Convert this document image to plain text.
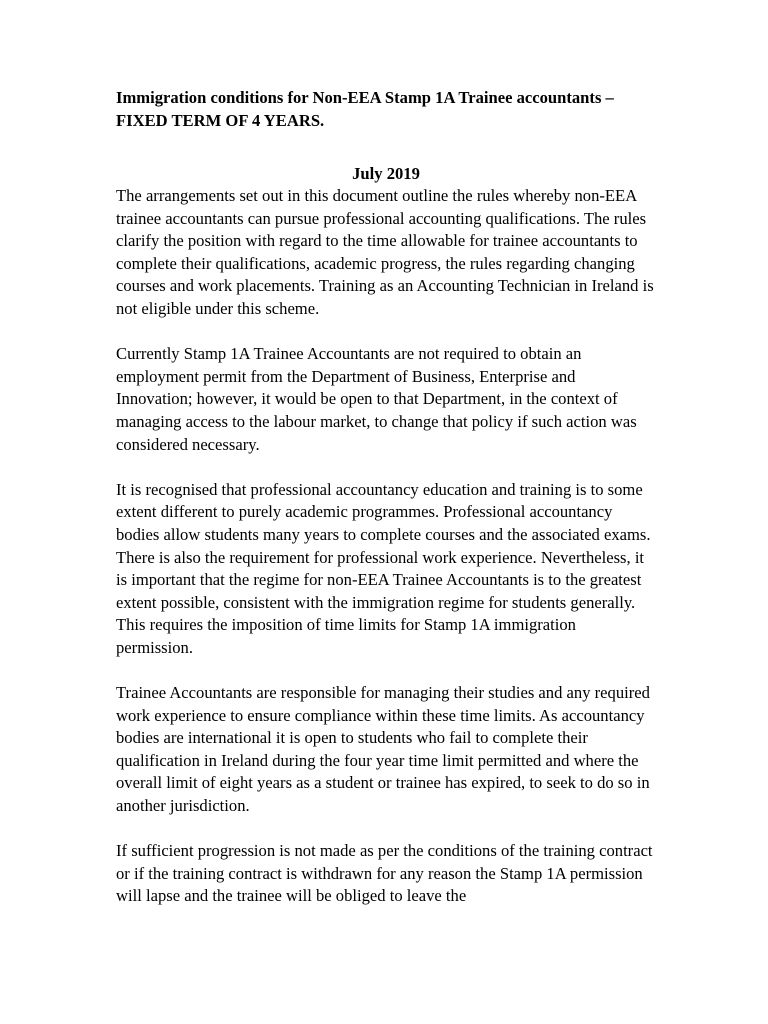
Immigration conditions for Non-EEA Stamp 1A Trainee accountants – FIXED TERM OF 4 YEARS.

July 2019

The arrangements set out in this document outline the rules whereby non-EEA trainee accountants can pursue professional accounting qualifications. The rules clarify the position with regard to the time allowable for trainee accountants to complete their qualifications, academic progress, the rules regarding changing courses and work placements. Training as an Accounting Technician in Ireland is not eligible under this scheme.

Currently Stamp 1A Trainee Accountants are not required to obtain an employment permit from the Department of Business, Enterprise and Innovation; however, it would be open to that Department, in the context of managing access to the labour market, to change that policy if such action was considered necessary.

It is recognised that professional accountancy education and training is to some extent different to purely academic programmes. Professional accountancy bodies allow students many years to complete courses and the associated exams. There is also the requirement for professional work experience. Nevertheless, it is important that the regime for non-EEA Trainee Accountants is to the greatest extent possible, consistent with the immigration regime for students generally. This requires the imposition of time limits for Stamp 1A immigration permission.

Trainee Accountants are responsible for managing their studies and any required work experience to ensure compliance within these time limits. As accountancy bodies are international it is open to students who fail to complete their qualification in Ireland during the four year time limit permitted and where the overall limit of eight years as a student or trainee has expired, to seek to do so in another jurisdiction.

If sufficient progression is not made as per the conditions of the training contract or if the training contract is withdrawn for any reason the Stamp 1A permission will lapse and the trainee will be obliged to leave the
